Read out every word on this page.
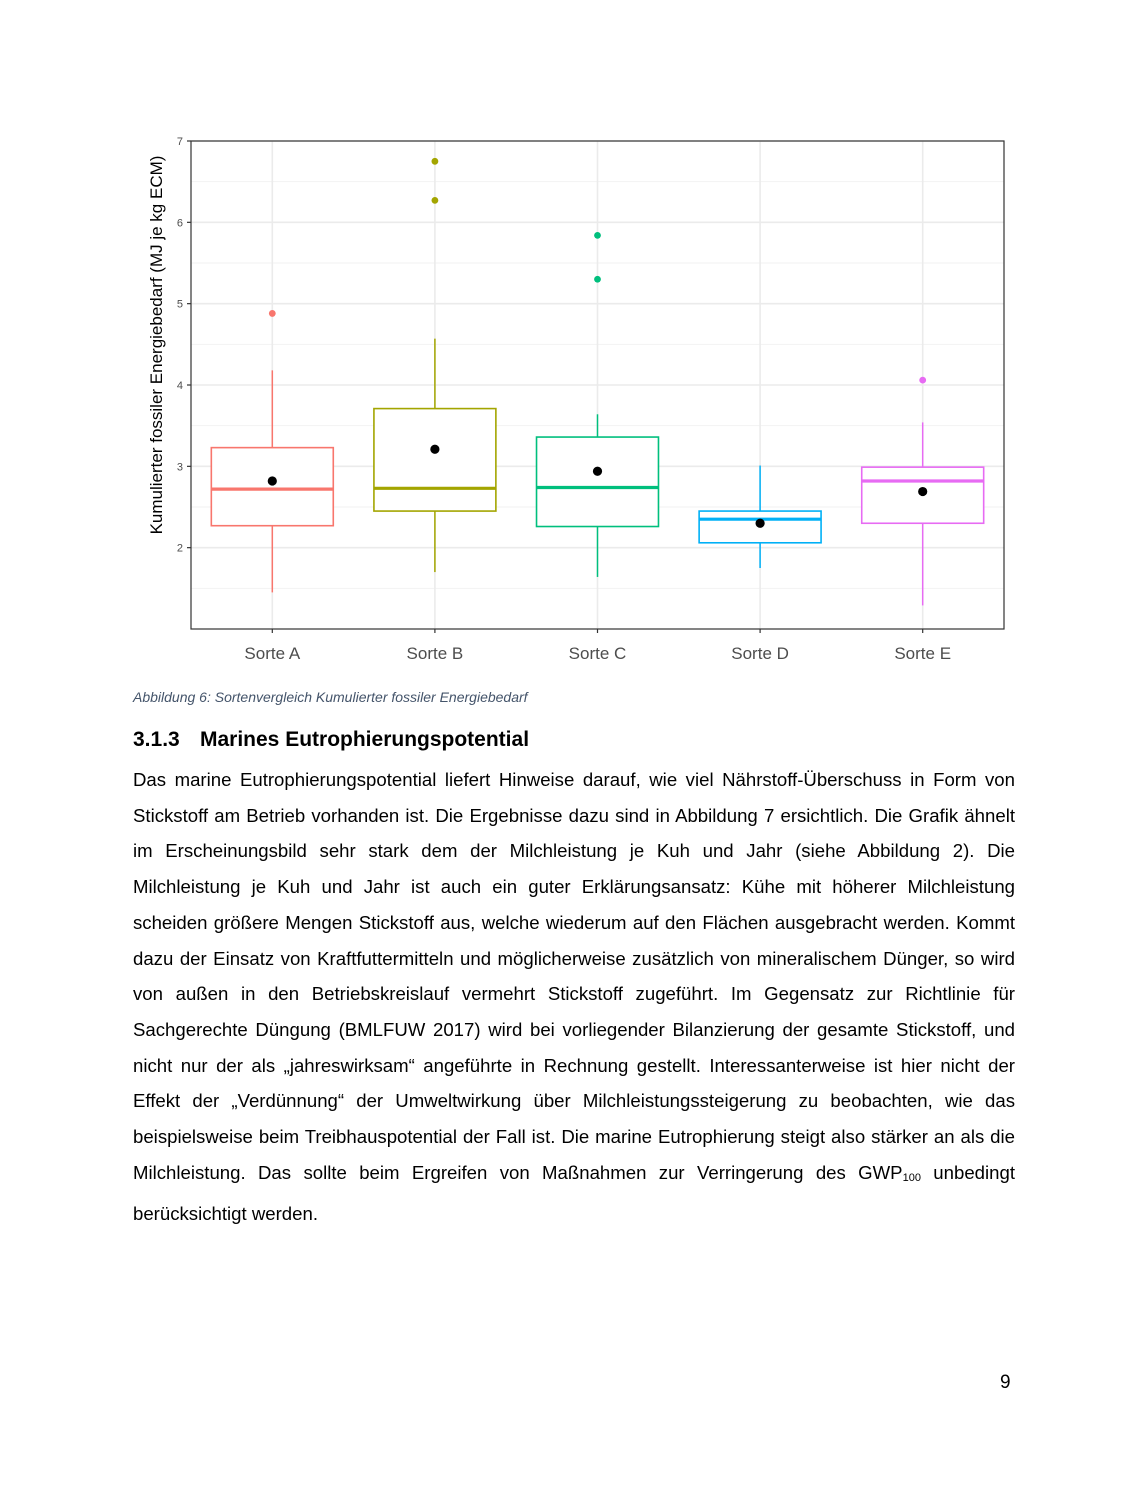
2
3
4
5
6
7
Sorte A	Sorte B	Sorte C	Sorte D	Sorte E
Kumulierter fossiler Energiebedarf (MJ je kg ECM)
Abbildung 6: Sortenvergleich Kumulierter fossiler Energiebedarf
3.1.3 Marines Eutrophierungspotential
Das marine Eutrophierungspotential liefert Hinweise darauf, wie viel Nährstoff-Überschuss in Form von Stickstoff am Betrieb vorhanden ist. Die Ergebnisse dazu sind in Abbildung 7 ersichtlich. Die Grafik ähnelt im Erscheinungsbild sehr stark dem der Milchleistung je Kuh und Jahr (siehe Abbildung 2). Die Milchleistung je Kuh und Jahr ist auch ein guter Erklärungsansatz: Kühe mit höherer Milchleistung scheiden größere Mengen Stickstoff aus, welche wiederum auf den Flächen ausgebracht werden. Kommt dazu der Einsatz von Kraftfuttermitteln und möglicherweise zusätzlich von mineralischem Dünger, so wird von außen in den Betriebskreislauf vermehrt Stickstoff zugeführt. Im Gegensatz zur Richtlinie für Sachgerechte Düngung (BMLFUW 2017) wird bei vorliegender Bilanzierung der gesamte Stickstoff, und nicht nur der als „jahreswirksam“ angeführte in Rechnung gestellt. Interessanterweise ist hier nicht der Effekt der „Verdünnung“ der Umweltwirkung über Milchleistungssteigerung zu beobachten, wie das beispielsweise beim Treibhauspotential der Fall ist. Die marine Eutrophierung steigt also stärker an als die Milchleistung. Das sollte beim Ergreifen von Maßnahmen zur Verringerung des $GWP_{100}$ unbedingt berücksichtigt werden.
9
